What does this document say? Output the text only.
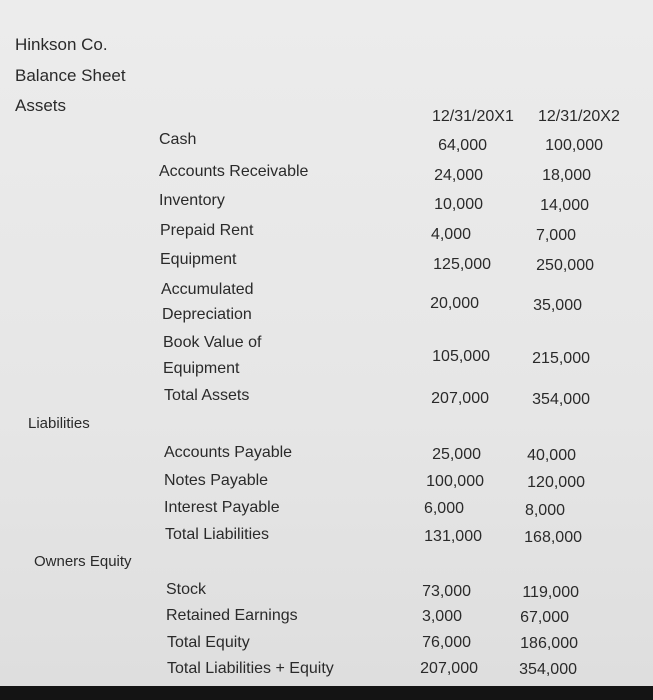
Hinkson Co.
Balance Sheet
Assets
12/31/20X1 12/31/20X2
Cash	64,000	100,000
Accounts Receivable	24,000	18,000
Inventory	10,000	14,000
Prepaid Rent	4,000	7,000
Equipment	125,000	250,000
Accumulated
Depreciation
20,000	35,000
Book Value of
Equipment
105,000	215,000
Total Assets	207,000	354,000
Liabilities
Accounts Payable	25,000	40,000
Notes Payable	100,000	120,000
Interest Payable	6,000	8,000
Total Liabilities	131,000	168,000
Owners Equity
Stock	73,000	119,000
Retained Earnings	3,000	67,000
Total Equity	76,000	186,000
Total Liabilities + Equity	207,000	354,000
